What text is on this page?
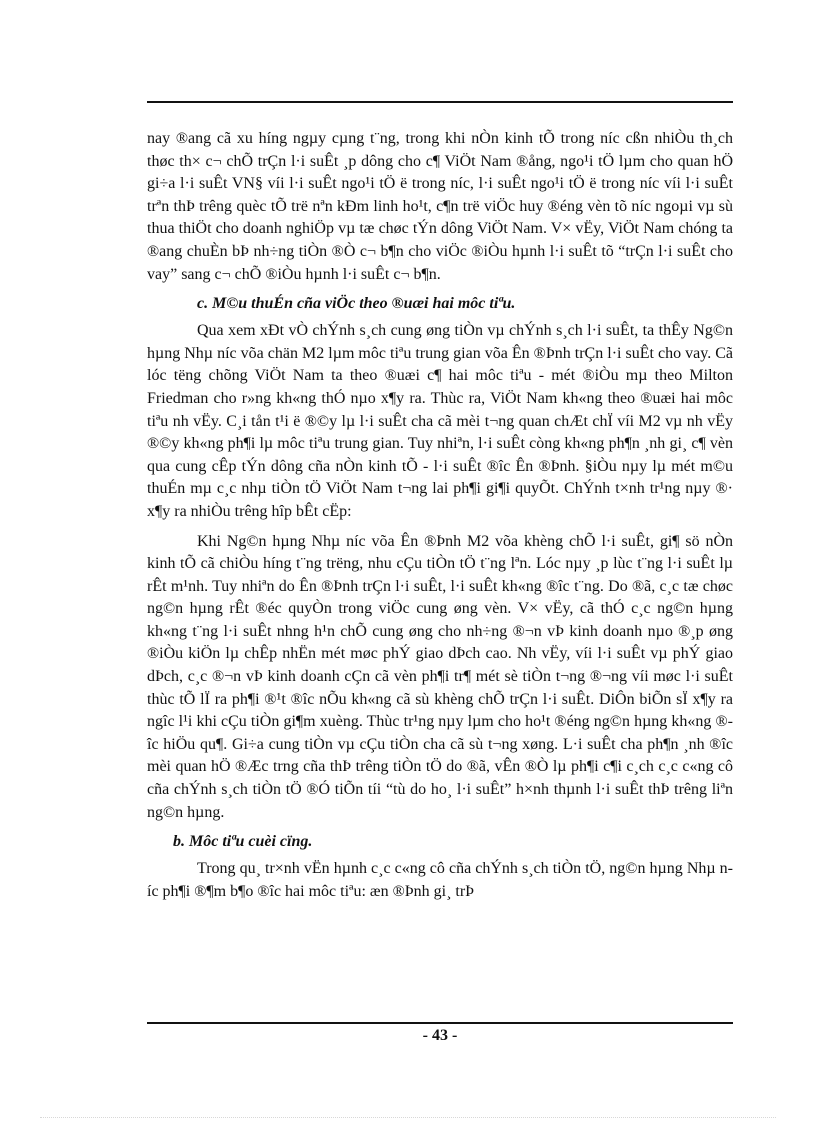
nay ®ang cã xu híng ngµy cµng t¨ng, trong khi nÒn kinh tÕ trong níc cßn nhiÒu th¸ch thøc th× c¬ chÕ trÇn l·i suÊt ¸p dông cho c¶ ViÖt Nam ®ång, ngo¹i tÖ lµm cho quan hÖ gi÷a l·i suÊt VN§ víi l·i suÊt ngo¹i tÖ ë trong níc, l·i suÊt ngo¹i tÖ ë trong níc víi l·i suÊt trªn thÞ trêng quèc tÕ trë nªn kÐm linh ho¹t, c¶n trë viÖc huy ®éng vèn tõ níc ngoµi vµ sù thua thiÖt cho doanh nghiÖp vµ tæ chøc tÝn dông ViÖt Nam. V× vËy, ViÖt Nam chóng ta ®ang chuÈn bÞ nh÷ng tiÒn ®Ò c¬ b¶n cho viÖc ®iÒu hµnh l·i suÊt tõ “trÇn l·i suÊt cho vay” sang c¬ chÕ ®iÒu hµnh l·i suÊt c¬ b¶n.

c. M©u thuÉn cña viÖc theo ®uæi hai môc tiªu.

Qua xem xÐt vÒ chÝnh s¸ch cung øng tiÒn vµ chÝnh s¸ch l·i suÊt, ta thÊy Ng©n hµng Nhµ níc võa chän M2 lµm môc tiªu trung gian võa Ên ®Þnh trÇn l·i suÊt cho vay. Cã lóc tëng chõng ViÖt Nam ta theo ®uæi c¶ hai môc tiªu - mét ®iÒu mµ theo Milton Friedman cho r»ng kh«ng thÓ nµo x¶y ra. Thùc ra, ViÖt Nam kh«ng theo ®uæi hai môc tiªu nh vËy. C¸i tån t¹i ë ®©y lµ l·i suÊt cha cã mèi t¬ng quan chÆt chÏ víi M2 vµ nh vËy ®©y kh«ng ph¶i lµ môc tiªu trung gian. Tuy nhiªn, l·i suÊt còng kh«ng ph¶n ¸nh gi¸ c¶ vèn qua cung cÊp tÝn dông cña nÒn kinh tÕ - l·i suÊt ®îc Ên ®Þnh. §iÒu nµy lµ mét m©u thuÉn mµ c¸c nhµ tiÒn tÖ ViÖt Nam t¬ng lai ph¶i gi¶i quyÕt. ChÝnh t×nh tr¹ng nµy ®· x¶y ra nhiÒu trêng hîp bÊt cËp:

Khi Ng©n hµng Nhµ níc võa Ên ®Þnh M2 võa khèng chÕ l·i suÊt, gi¶ sö nÒn kinh tÕ cã chiÒu híng t¨ng trëng, nhu cÇu tiÒn tÖ t¨ng lªn. Lóc nµy ¸p lùc t¨ng l·i suÊt lµ rÊt m¹nh. Tuy nhiªn do Ên ®Þnh trÇn l·i suÊt, l·i suÊt kh«ng ®îc t¨ng. Do ®ã, c¸c tæ chøc ng©n hµng rÊt ®éc quyÒn trong viÖc cung øng vèn. V× vËy, cã thÓ c¸c ng©n hµng kh«ng t¨ng l·i suÊt nhng h¹n chÕ cung øng cho nh÷ng ®¬n vÞ kinh doanh nµo ®¸p øng ®iÒu kiÖn lµ chÊp nhËn mét møc phÝ giao dÞch cao. Nh vËy, víi l·i suÊt vµ phÝ giao dÞch, c¸c ®¬n vÞ kinh doanh cÇn cã vèn ph¶i tr¶ mét sè tiÒn t¬ng ®¬ng víi møc l·i suÊt thùc tÕ lÏ ra ph¶i ®¹t ®îc nÕu kh«ng cã sù khèng chÕ trÇn l·i suÊt. DiÔn biÕn sÏ x¶y ra ngîc l¹i khi cÇu tiÒn gi¶m xuèng. Thùc tr¹ng nµy lµm cho ho¹t ®éng ng©n hµng kh«ng ®îc hiÖu qu¶. Gi÷a cung tiÒn vµ cÇu tiÒn cha cã sù t¬ng xøng. L·i suÊt cha ph¶n ¸nh ®îc mèi quan hÖ ®Æc trng cña thÞ trêng tiÒn tÖ do ®ã, vÊn ®Ò lµ ph¶i c¶i c¸ch c¸c c«ng cô cña chÝnh s¸ch tiÒn tÖ ®Ó tiÕn tíi “tù do ho¸ l·i suÊt” h×nh thµnh l·i suÊt thÞ trêng liªn ng©n hµng.

b. Môc tiªu cuèi cïng.

Trong qu¸ tr×nh vËn hµnh c¸c c«ng cô cña chÝnh s¸ch tiÒn tÖ, ng©n hµng Nhµ níc ph¶i ®¶m b¶o ®îc hai môc tiªu: æn ®Þnh gi¸ trÞ

- 43 -
